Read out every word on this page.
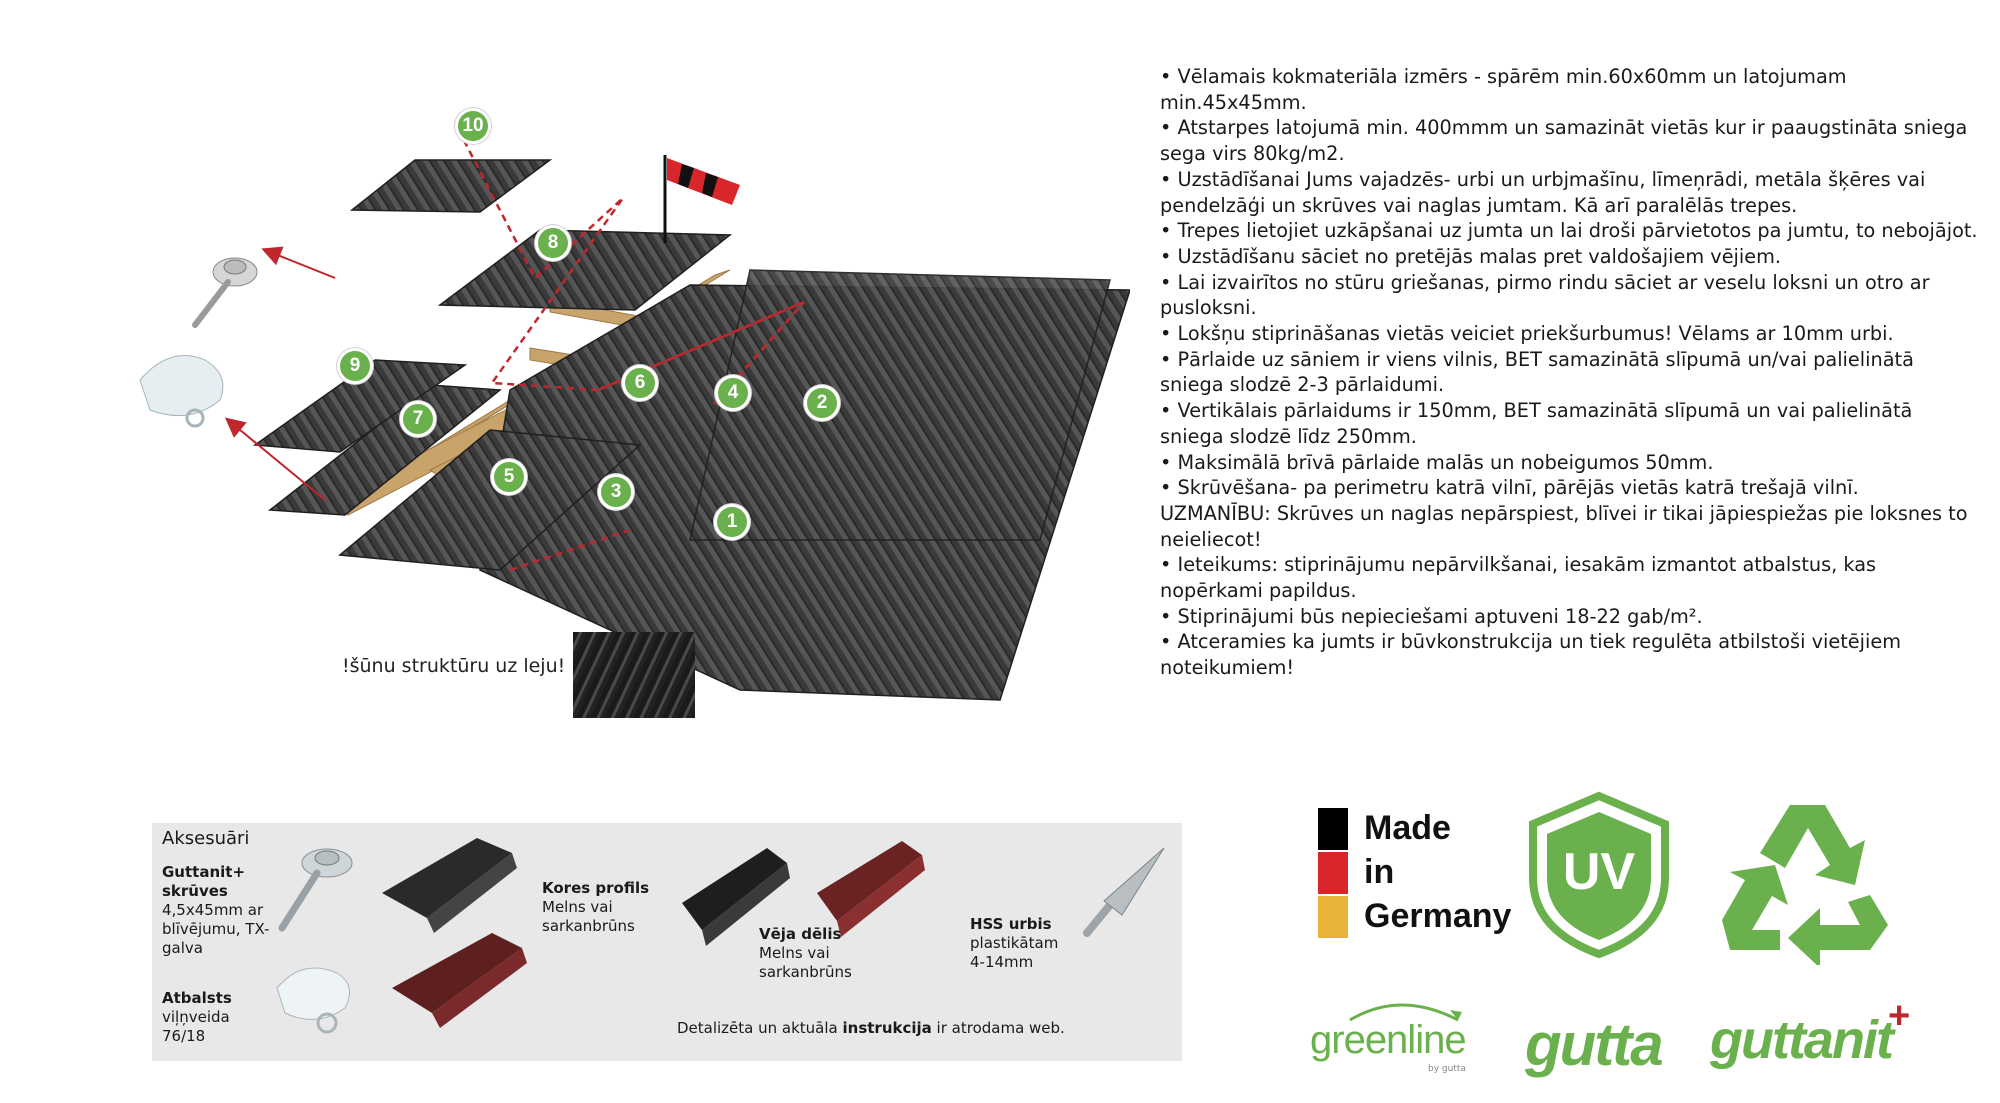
1
2
3
4
5
6
7
8
9
10
!šūnu struktūru uz leju!
• Vēlamais kokmateriāla izmērs - spārēm min.60x60mm un latojumam min.45x45mm.
• Atstarpes latojumā min. 400mmm un samazināt vietās kur ir paaugstināta sniega sega virs 80kg/m2.
• Uzstādīšanai Jums vajadzēs- urbi un urbjmašīnu, līmeņrādi, metāla šķēres vai pendelzāģi un skrūves vai naglas jumtam. Kā arī paralēlās trepes.
• Trepes lietojiet uzkāpšanai uz jumta un lai droši pārvietotos pa jumtu, to nebojājot.
• Uzstādīšanu sāciet no pretējās malas pret valdošajiem vējiem.
• Lai izvairītos no stūru griešanas, pirmo rindu sāciet ar veselu loksni un otro ar pusloksni.
• Lokšņu stiprināšanas vietās veiciet priekšurbumus! Vēlams ar 10mm urbi.
• Pārlaide uz sāniem ir viens vilnis, BET samazinātā slīpumā un/vai palielinātā sniega slodzē 2-3 pārlaidumi.
• Vertikālais pārlaidums ir 150mm, BET samazinātā slīpumā un vai palielinātā sniega slodzē līdz 250mm.
• Maksimālā brīvā pārlaide malās un nobeigumos 50mm.
• Skrūvēšana- pa perimetru katrā vilnī, pārējās vietās katrā trešajā vilnī.
UZMANĪBU: Skrūves un naglas nepārspiest, blīvei ir tikai jāpiespiežas pie loksnes to neieliecot!
• Ieteikums: stiprinājumu nepārvilkšanai, iesakām izmantot atbalstus, kas nopērkami papildus.
• Stiprinājumi būs nepieciešami aptuveni 18-22 gab/m².
• Atceramies ka jumts ir būvkonstrukcija un tiek regulēta atbilstoši vietējiem noteikumiem!
Aksesuāri
Guttanit+ skrūves
4,5x45mm ar blīvējumu, TX-galva
Atbalsts
viļņveida 76/18
Kores profils
Melns vai sarkanbrūns	Vēja dēlis
Melns vai sarkanbrūns
HSS urbis
plastikātam 4-14mm
Detalizēta un aktuāla instrukcija ir atrodama web.
Made
in
Germany
UV
greenline
by gutta gutta guttanit
+
